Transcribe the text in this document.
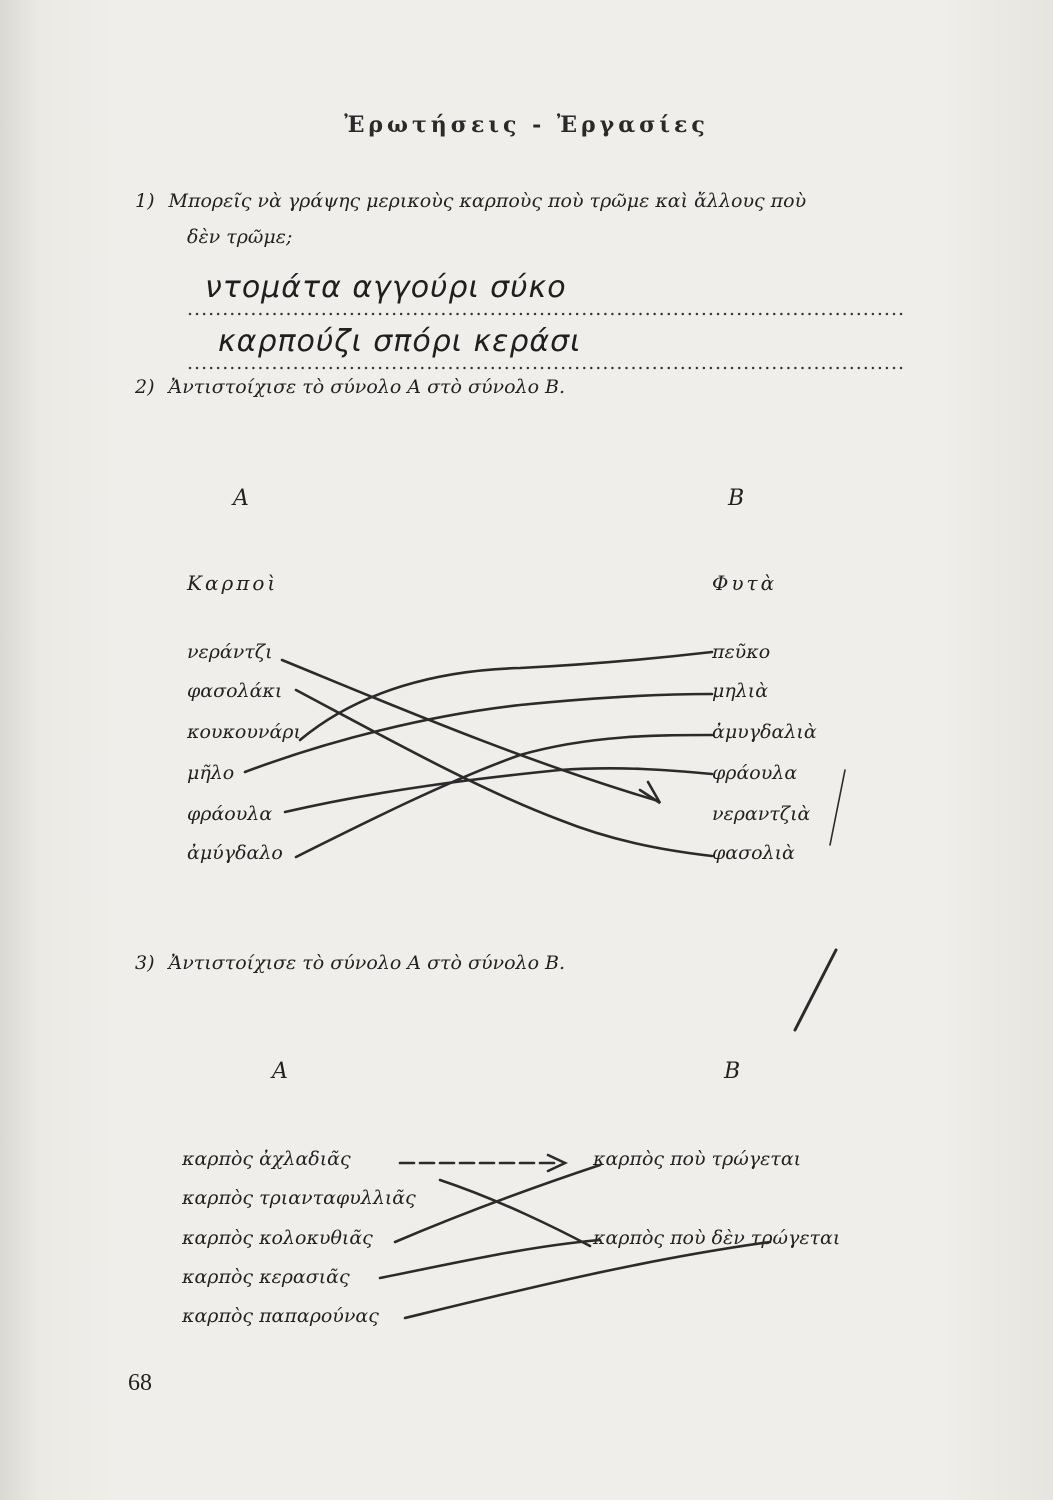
Ἐρωτήσεις - Ἐργασίες
1) Μπορεῖς νὰ γράψης μερικοὺς καρποὺς ποὺ τρῶμε καὶ ἄλλους ποὺ
δὲν τρῶμε;
......................................................................................................
ντομάτα αγγούρι σύκο
......................................................................................................
καρπούζι σπόρι κεράσι
2) Ἀντιστοίχισε τὸ σύνολο Α στὸ σύνολο Β.
Α	Β
Καρποὶ	Φυτὰ
νεράντζι
φασολάκι
κουκουνάρι
μῆλο
φράουλα
ἀμύγδαλο
πεῦκο
μηλιὰ
ἀμυγδαλιὰ
φράουλα
νεραντζιὰ
φασολιὰ
3) Ἀντιστοίχισε τὸ σύνολο Α στὸ σύνολο Β.
Α	Β
καρπὸς ἀχλαδιᾶς
καρπὸς τριανταφυλλιᾶς
καρπὸς κολοκυθιᾶς
καρπὸς κερασιᾶς
καρπὸς παπαρούνας
καρπὸς ποὺ τρώγεται
καρπὸς ποὺ δὲν τρώγεται
68
